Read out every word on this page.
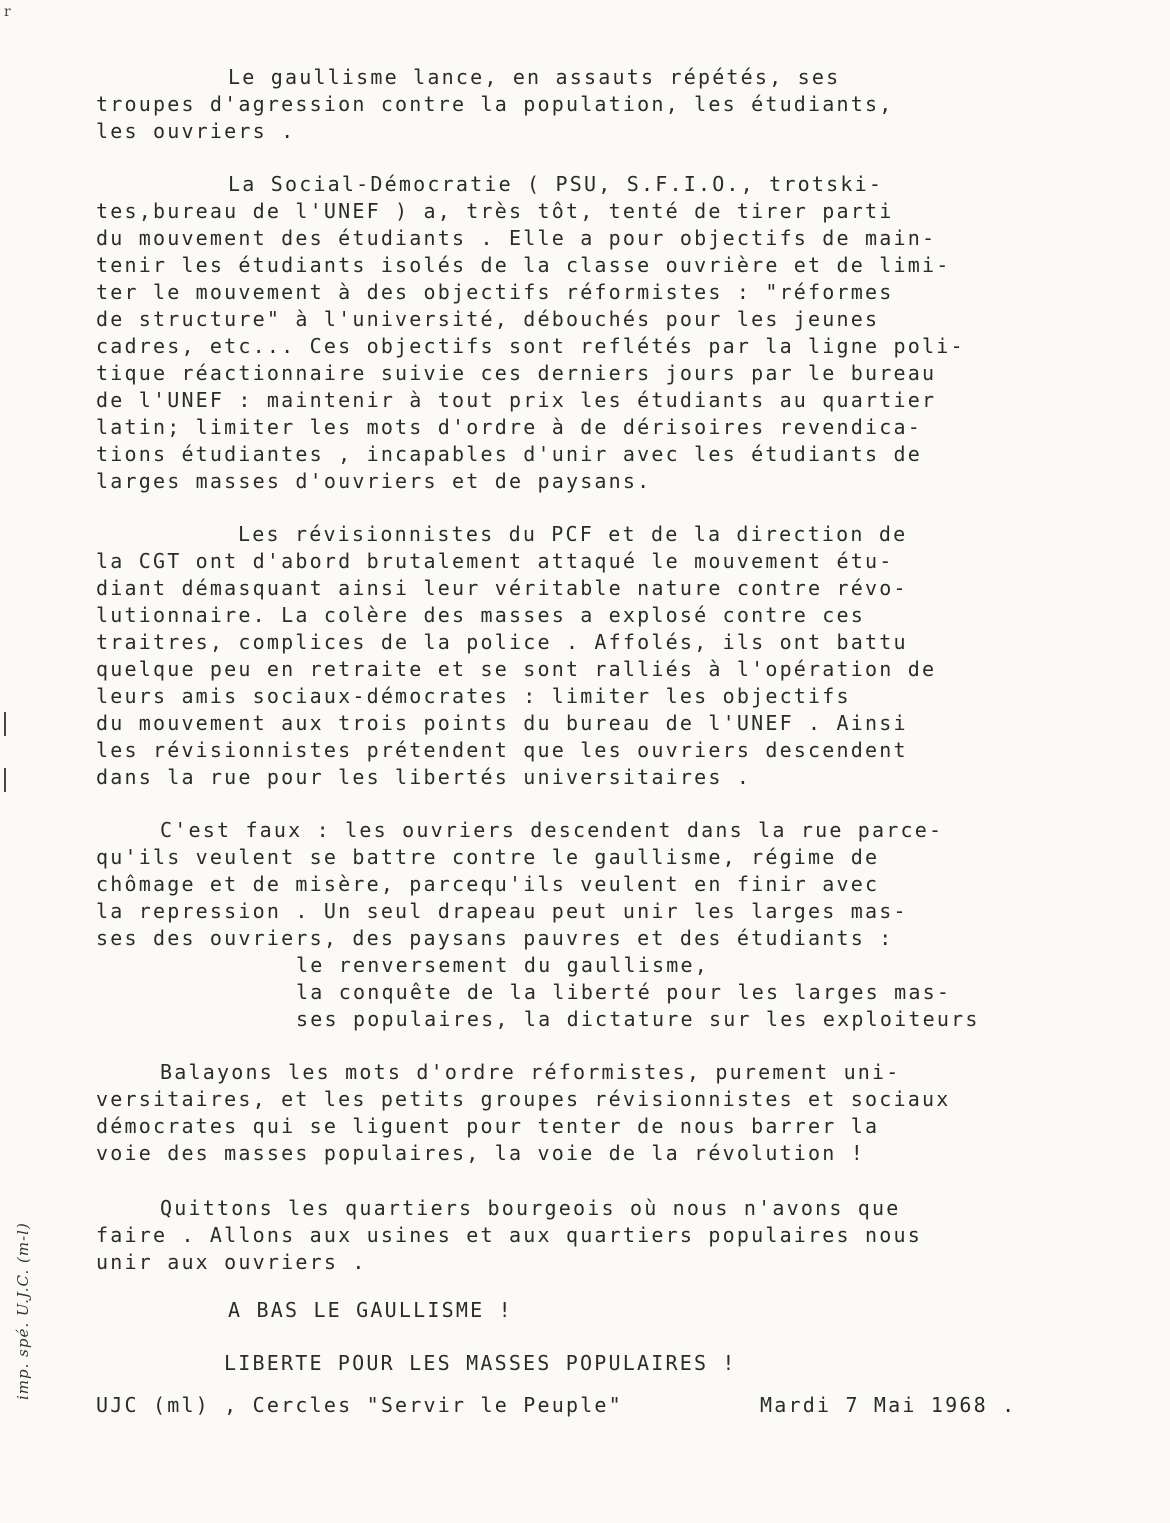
r
Le gaullisme lance, en assauts répétés, ses
troupes d'agression contre la population, les étudiants,
les ouvriers .
La Social-Démocratie ( PSU, S.F.I.O., trotski-
tes,bureau de l'UNEF ) a, très tôt, tenté de tirer parti
du mouvement des étudiants . Elle a pour objectifs de main-
tenir les étudiants isolés de la classe ouvrière et de limi-
ter le mouvement à des objectifs réformistes : "réformes
de structure" à l'université, débouchés pour les jeunes
cadres, etc... Ces objectifs sont reflétés par la ligne poli-
tique réactionnaire suivie ces derniers jours par le bureau
de l'UNEF : maintenir à tout prix les étudiants au quartier
latin; limiter les mots d'ordre à de dérisoires revendica-
tions étudiantes , incapables d'unir avec les étudiants de
larges masses d'ouvriers et de paysans.
Les révisionnistes du PCF et de la direction de
la CGT ont d'abord brutalement attaqué le mouvement étu-
diant démasquant ainsi leur véritable nature contre révo-
lutionnaire. La colère des masses a explosé contre ces
traitres, complices de la police . Affolés, ils ont battu
quelque peu en retraite et se sont ralliés à l'opération de
leurs amis sociaux-démocrates : limiter les objectifs
du mouvement aux trois points du bureau de l'UNEF . Ainsi
les révisionnistes prétendent que les ouvriers descendent
dans la rue pour les libertés universitaires .
C'est faux : les ouvriers descendent dans la rue parce-
qu'ils veulent se battre contre le gaullisme, régime de
chômage et de misère, parcequ'ils veulent en finir avec
la repression . Un seul drapeau peut unir les larges mas-
ses des ouvriers, des paysans pauvres et des étudiants :
le renversement du gaullisme,
la conquête de la liberté pour les larges mas-
ses populaires, la dictature sur les exploiteurs
Balayons les mots d'ordre réformistes, purement uni-
versitaires, et les petits groupes révisionnistes et sociaux
démocrates qui se liguent pour tenter de nous barrer la
voie des masses populaires, la voie de la révolution !
Quittons les quartiers bourgeois où nous n'avons que
faire . Allons aux usines et aux quartiers populaires nous
unir aux ouvriers .
A BAS LE GAULLISME !
LIBERTE POUR LES MASSES POPULAIRES !
UJC (ml) , Cercles "Servir le Peuple"	Mardi 7 Mai 1968 .
imp. spé. U.J.C. (m-l)
